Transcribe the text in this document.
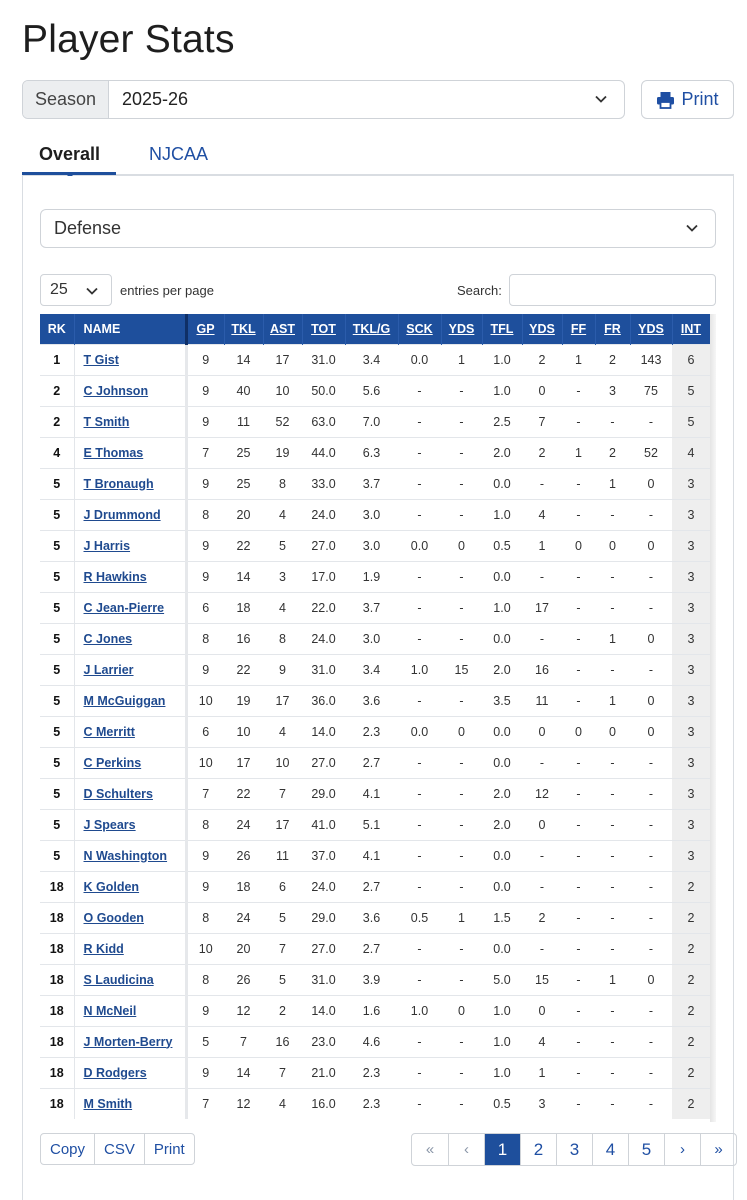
Player Stats
Season	2025-26	Print
Overall	NJCAA
Defense
25	entries per page	Search:
RK	NAME	GP	TKL	AST	TOT	TKL/G	SCK	YDS	TFL	YDS	FF	FR	YDS	INT	
1	T Gist	9	14	17	31.0	3.4	0.0	1	1.0	2	1	2	143	6	
2	C Johnson	9	40	10	50.0	5.6	-	-	1.0	0	-	3	75	5	
2	T Smith	9	11	52	63.0	7.0	-	-	2.5	7	-	-	-	5	
4	E Thomas	7	25	19	44.0	6.3	-	-	2.0	2	1	2	52	4	
5	T Bronaugh	9	25	8	33.0	3.7	-	-	0.0	-	-	1	0	3	
5	J Drummond	8	20	4	24.0	3.0	-	-	1.0	4	-	-	-	3	
5	J Harris	9	22	5	27.0	3.0	0.0	0	0.5	1	0	0	0	3	
5	R Hawkins	9	14	3	17.0	1.9	-	-	0.0	-	-	-	-	3	
5	C Jean-Pierre	6	18	4	22.0	3.7	-	-	1.0	17	-	-	-	3	
5	C Jones	8	16	8	24.0	3.0	-	-	0.0	-	-	1	0	3	
5	J Larrier	9	22	9	31.0	3.4	1.0	15	2.0	16	-	-	-	3	
5	M McGuiggan	10	19	17	36.0	3.6	-	-	3.5	11	-	1	0	3	
5	C Merritt	6	10	4	14.0	2.3	0.0	0	0.0	0	0	0	0	3	
5	C Perkins	10	17	10	27.0	2.7	-	-	0.0	-	-	-	-	3	
5	D Schulters	7	22	7	29.0	4.1	-	-	2.0	12	-	-	-	3	
5	J Spears	8	24	17	41.0	5.1	-	-	2.0	0	-	-	-	3	
5	N Washington	9	26	11	37.0	4.1	-	-	0.0	-	-	-	-	3	
18	K Golden	9	18	6	24.0	2.7	-	-	0.0	-	-	-	-	2	
18	O Gooden	8	24	5	29.0	3.6	0.5	1	1.5	2	-	-	-	2	
18	R Kidd	10	20	7	27.0	2.7	-	-	0.0	-	-	-	-	2	
18	S Laudicina	8	26	5	31.0	3.9	-	-	5.0	15	-	1	0	2	
18	N McNeil	9	12	2	14.0	1.6	1.0	0	1.0	0	-	-	-	2	
18	J Morten-Berry	5	7	16	23.0	4.6	-	-	1.0	4	-	-	-	2	
18	D Rodgers	9	14	7	21.0	2.3	-	-	1.0	1	-	-	-	2	
18	M Smith	7	12	4	16.0	2.3	-	-	0.5	3	-	-	-	2	
Copy	CSV	Print	«	‹	1	2	3	4	5	›	»
